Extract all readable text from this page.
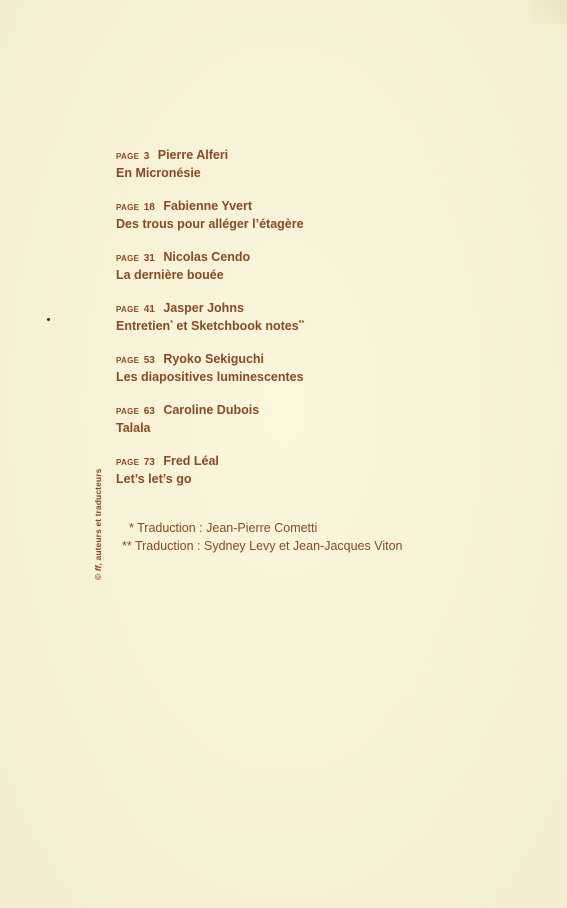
PAGE 3 Pierre Alferi
En Micronésie
PAGE 18 Fabienne Yvert
Des trous pour alléger l’étagère
PAGE 31 Nicolas Cendo
La dernière bouée
PAGE 41 Jasper Johns
Entretien* et Sketchbook notes**
PAGE 53 Ryoko Sekiguchi
Les diapositives luminescentes
PAGE 63 Caroline Dubois
Talala
PAGE 73 Fred Léal
Let’s let’s go
* Traduction : Jean-Pierre Cometti
** Traduction : Sydney Levy et Jean-Jacques Viton
© ff, auteurs et traducteurs
